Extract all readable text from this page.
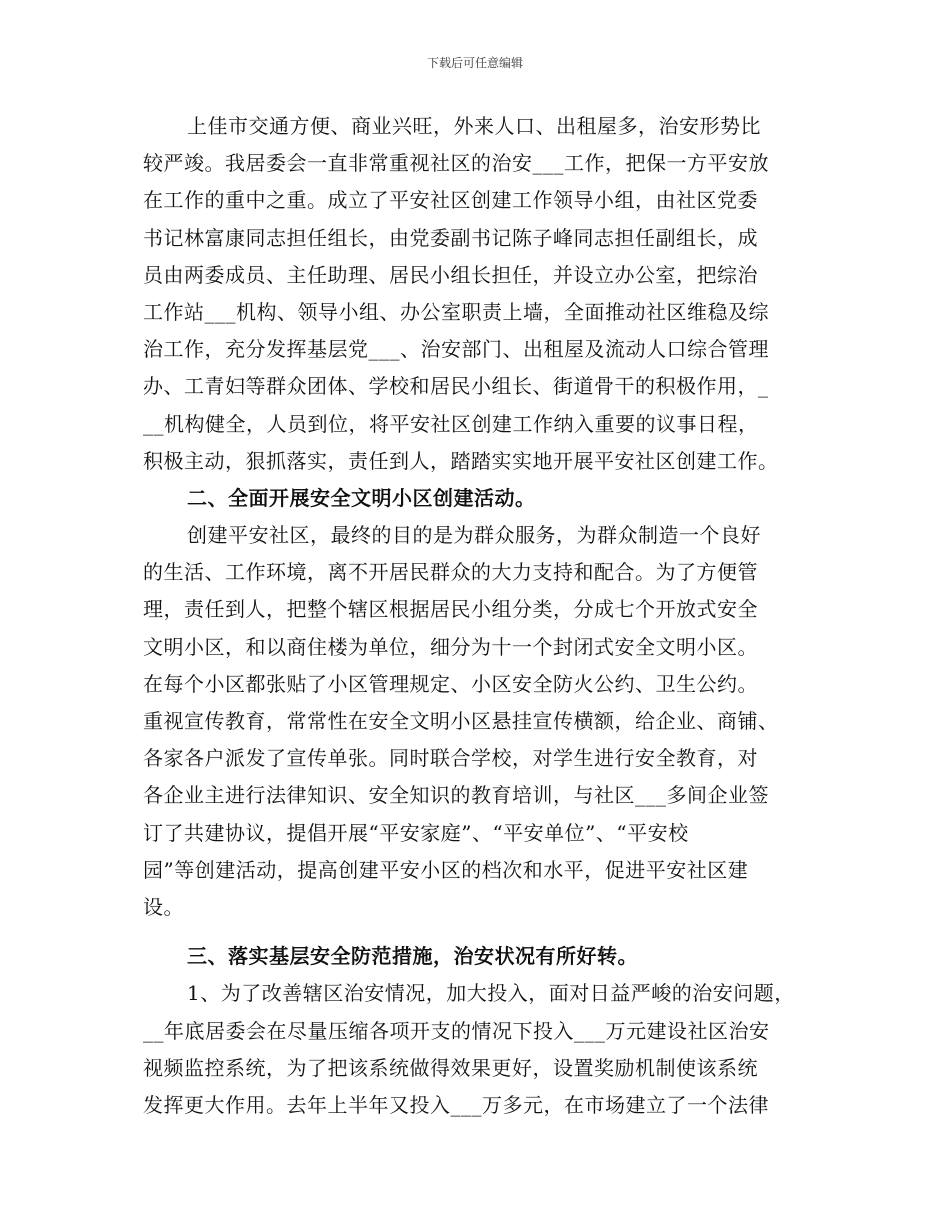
下载后可任意编辑
上佳市交通方便、商业兴旺，外来人口、出租屋多，治安形势比
较严竣。我居委会一直非常重视社区的治安___工作，把保一方平安放
在工作的重中之重。成立了平安社区创建工作领导小组，由社区党委
书记林富康同志担任组长，由党委副书记陈子峰同志担任副组长，成
员由两委成员、主任助理、居民小组长担任，并设立办公室，把综治
工作站___机构、领导小组、办公室职责上墙，全面推动社区维稳及综
治工作，充分发挥基层党___、治安部门、出租屋及流动人口综合管理
办、工青妇等群众团体、学校和居民小组长、街道骨干的积极作用，_
__机构健全，人员到位，将平安社区创建工作纳入重要的议事日程，
积极主动，狠抓落实，责任到人，踏踏实实地开展平安社区创建工作。
二、全面开展安全文明小区创建活动。
创建平安社区，最终的目的是为群众服务，为群众制造一个良好
的生活、工作环境，离不开居民群众的大力支持和配合。为了方便管
理，责任到人，把整个辖区根据居民小组分类，分成七个开放式安全
文明小区，和以商住楼为单位，细分为十一个封闭式安全文明小区。
在每个小区都张贴了小区管理规定、小区安全防火公约、卫生公约。
重视宣传教育，常常性在安全文明小区悬挂宣传横额，给企业、商铺、
各家各户派发了宣传单张。同时联合学校，对学生进行安全教育，对
各企业主进行法律知识、安全知识的教育培训，与社区___多间企业签
订了共建协议，提倡开展“平安家庭”、“平安单位”、“平安校
园”等创建活动，提高创建平安小区的档次和水平，促进平安社区建
设。
三、落实基层安全防范措施，治安状况有所好转。
1、为了改善辖区治安情况，加大投入，面对日益严峻的治安问题，
__年底居委会在尽量压缩各项开支的情况下投入___万元建设社区治安
视频监控系统，为了把该系统做得效果更好，设置奖励机制使该系统
发挥更大作用。去年上半年又投入___万多元，在市场建立了一个法律
